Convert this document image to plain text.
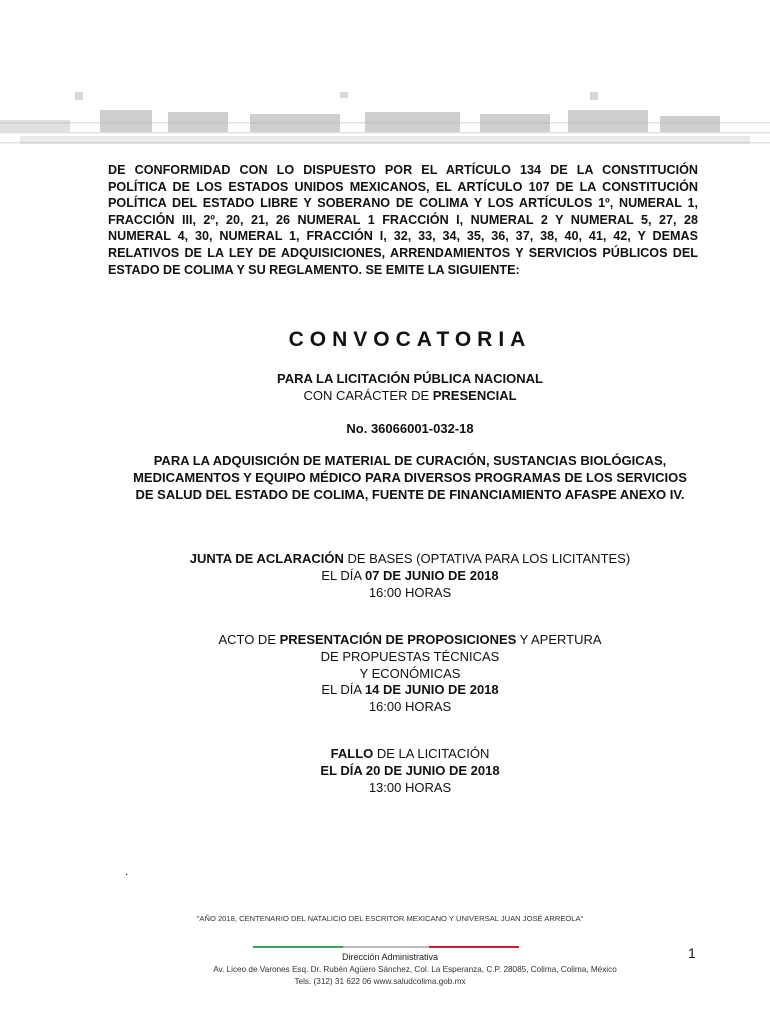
DE CONFORMIDAD CON LO DISPUESTO POR EL ARTÍCULO 134 DE LA CONSTITUCIÓN POLÍTICA DE LOS ESTADOS UNIDOS MEXICANOS, EL ARTÍCULO 107 DE LA CONSTITUCIÓN POLÍTICA DEL ESTADO LIBRE Y SOBERANO DE COLIMA Y LOS ARTÍCULOS 1º, NUMERAL 1, FRACCIÓN III, 2º, 20, 21, 26 NUMERAL 1 FRACCIÓN I, NUMERAL 2 Y NUMERAL 5, 27, 28 NUMERAL 4, 30, NUMERAL 1, FRACCIÓN I, 32, 33, 34, 35, 36, 37, 38, 40, 41, 42, Y DEMAS RELATIVOS DE LA LEY DE ADQUISICIONES, ARRENDAMIENTOS Y SERVICIOS PÚBLICOS DEL ESTADO DE COLIMA Y SU REGLAMENTO. SE EMITE LA SIGUIENTE:
CONVOCATORIA
PARA LA LICITACIÓN PÚBLICA NACIONAL
CON CARÁCTER DE PRESENCIAL
No. 36066001-032-18
PARA LA ADQUISICIÓN DE MATERIAL DE CURACIÓN, SUSTANCIAS BIOLÓGICAS, MEDICAMENTOS Y EQUIPO MÉDICO PARA DIVERSOS PROGRAMAS DE LOS SERVICIOS DE SALUD DEL ESTADO DE COLIMA, FUENTE DE FINANCIAMIENTO AFASPE ANEXO IV.
JUNTA DE ACLARACIÓN DE BASES (OPTATIVA PARA LOS LICITANTES)
EL DÍA 07 DE JUNIO DE 2018
16:00 HORAS
ACTO DE PRESENTACIÓN DE PROPOSICIONES Y APERTURA
DE PROPUESTAS TÉCNICAS
Y ECONÓMICAS
EL DÍA 14 DE JUNIO DE 2018
16:00 HORAS
FALLO DE LA LICITACIÓN
EL DÍA 20 DE JUNIO DE 2018
13:00 HORAS
.
"AÑO 2018, CENTENARIO DEL NATALICIO DEL ESCRITOR MEXICANO Y UNIVERSAL JUAN JOSÉ ARREOLA"
Dirección Administrativa
Av. Liceo de Varones Esq. Dr. Rubén Agüero Sánchez, Col. La Esperanza, C.P. 28085, Colima, Colima, México
Tels. (312) 31 622 06 www.saludcolima.gob.mx
1
